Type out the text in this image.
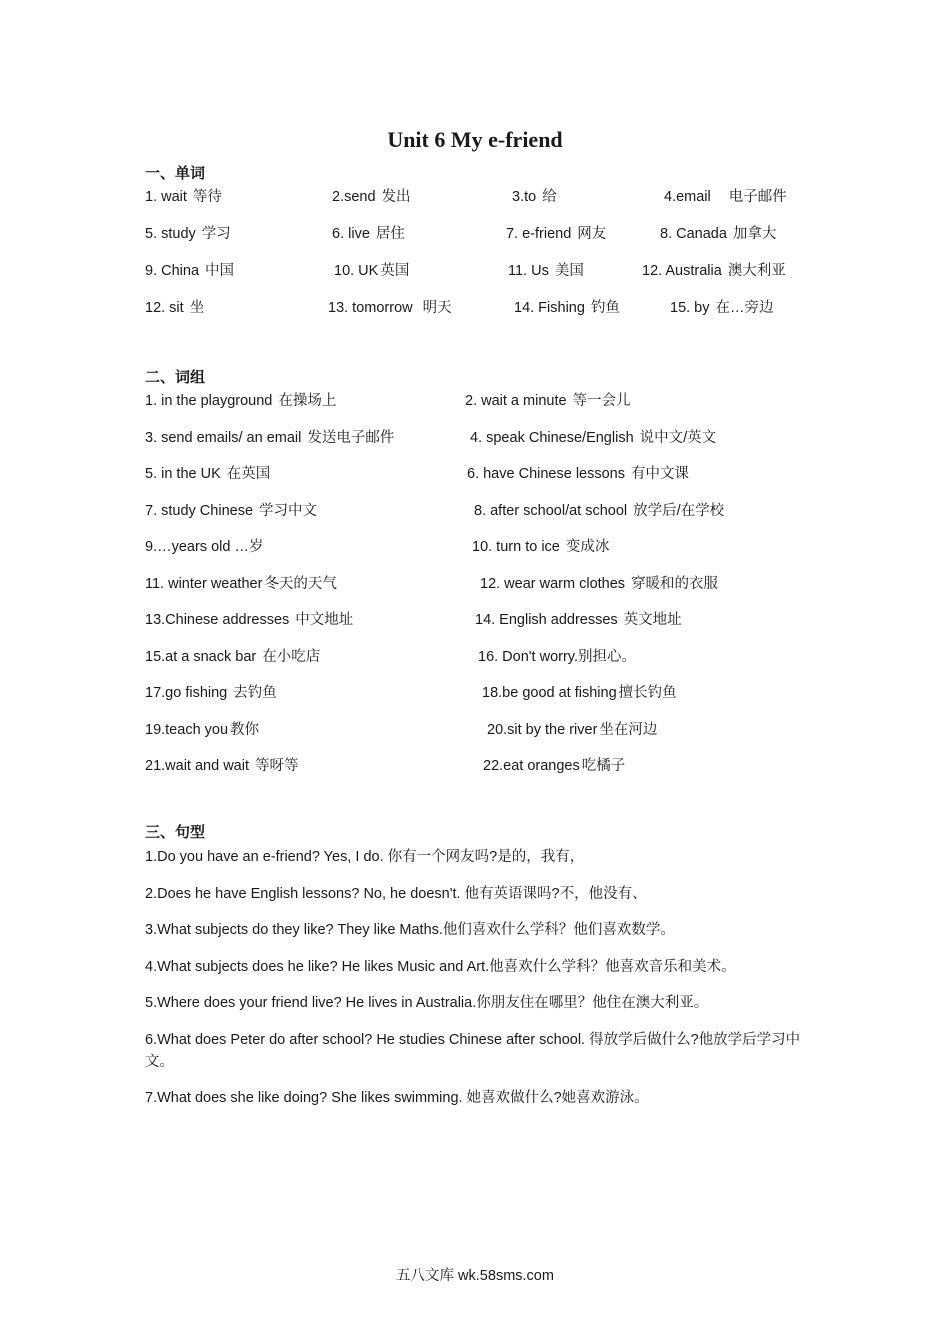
Unit 6 My e-friend
一、单词
1. wait 等待	2.send 发出	3.to 给	4.email 电子邮件
5. study 学习	6. live 居住	7. e-friend 网友	8. Canada 加拿大
9. China 中国	10. UK 英国	11. Us 美国	12. Australia 澳大利亚
12. sit 坐	13. tomorrow 明天	14. Fishing 钓鱼	15. by 在…旁边
二、词组
1. in the playground 在操场上	2. wait a minute 等一会儿
3. send emails/ an email 发送电子邮件	4. speak Chinese/English 说中文/英文
5. in the UK 在英国	6. have Chinese lessons 有中文课
7. study Chinese 学习中文	8. after school/at school 放学后/在学校
9.…years old …岁	10. turn to ice 变成冰
11. winter weather 冬天的天气	12. wear warm clothes 穿暖和的衣服
13.Chinese addresses 中文地址	14. English addresses 英文地址
15.at a snack bar 在小吃店	16. Don't worry.别担心。
17.go fishing 去钓鱼	18.be good at fishing 擅长钓鱼
19.teach you 教你	20.sit by the river 坐在河边
21.wait and wait 等呀等	22.eat oranges 吃橘子
三、句型
1.Do you have an e-friend? Yes, I do. 你有一个网友吗?是的，我有，
2.Does he have English lessons? No, he doesn't. 他有英语课吗?不，他没有、
3.What subjects do they like? They like Maths.他们喜欢什么学科？他们喜欢数学。
4.What subjects does he like? He likes Music and Art.他喜欢什么学科？他喜欢音乐和美术。
5.Where does your friend live? He lives in Australia.你朋友住在哪里？他住在澳大利亚。
6.What does Peter do after school? He studies Chinese after school. 得放学后做什么?他放学后学习中文。
7.What does she like doing? She likes swimming. 她喜欢做什么?她喜欢游泳。
五八文库 wk.58sms.com
